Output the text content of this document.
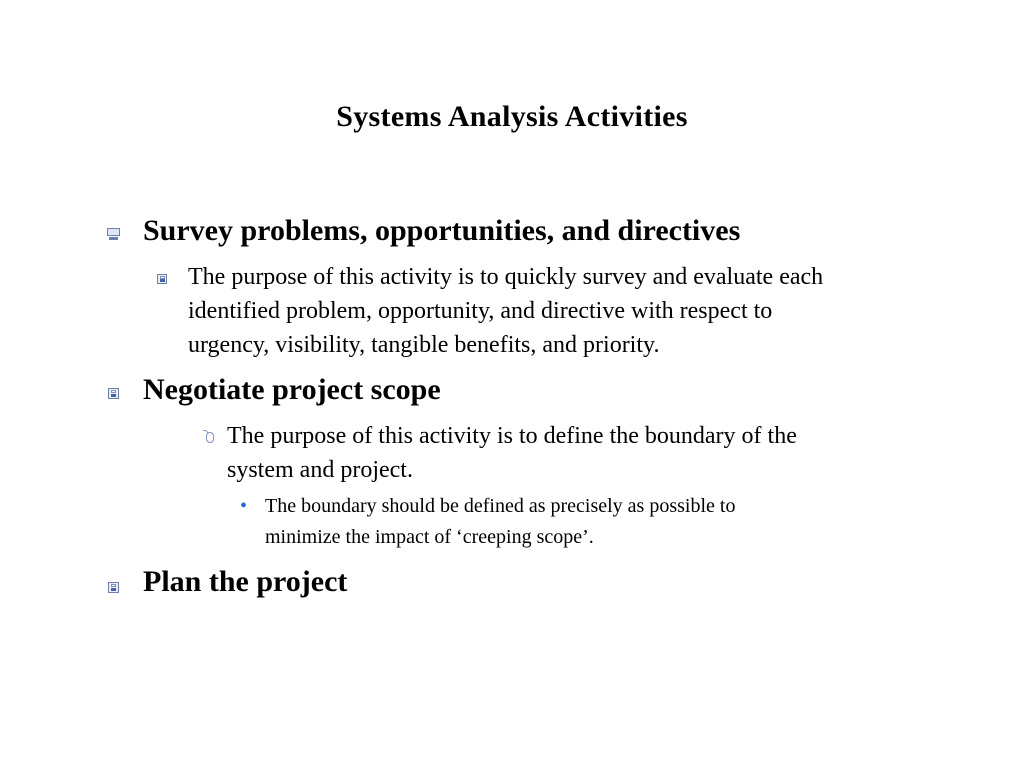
Systems Analysis Activities
Survey problems, opportunities, and directives
The purpose of this activity is to quickly survey and evaluate each
identified problem, opportunity, and directive with respect to
urgency, visibility, tangible benefits, and priority.
Negotiate project scope
The purpose of this activity is to define the boundary of the
system and project.
• The boundary should be defined as precisely as possible to
minimize the impact of ‘creeping scope’.
Plan the project
